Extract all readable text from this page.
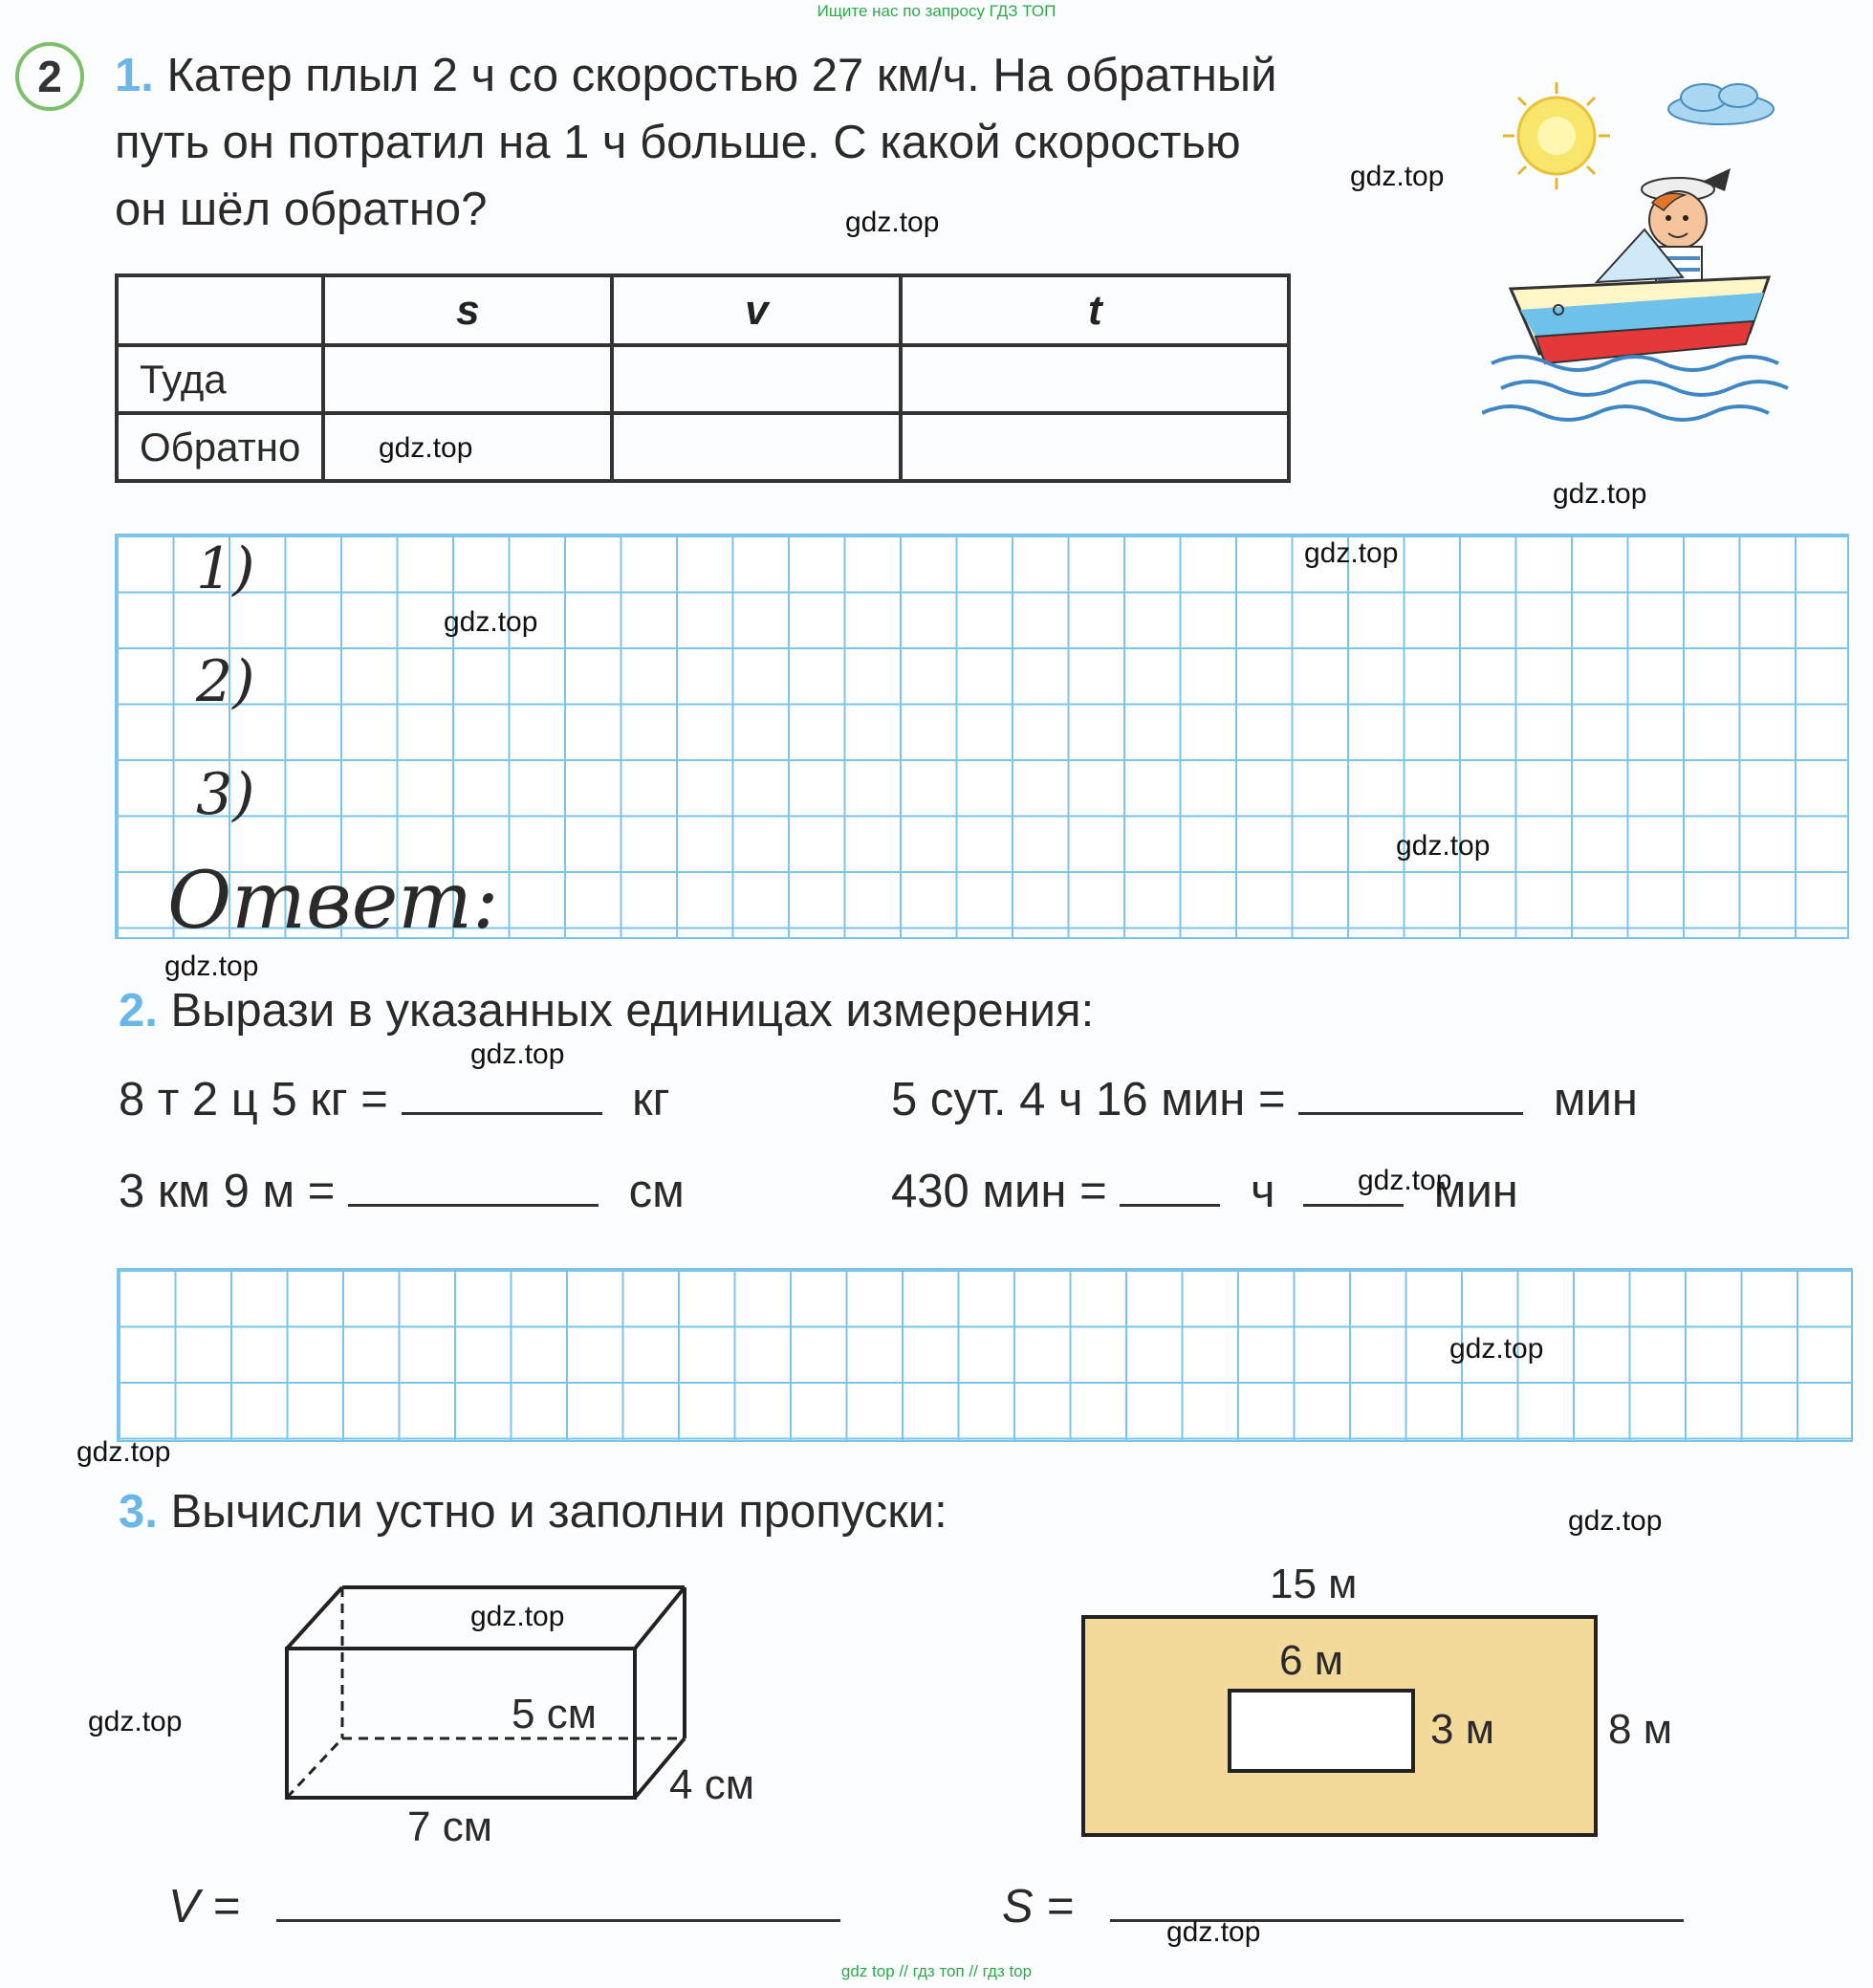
Ищите нас по запросу ГДЗ ТОП
2	1. Катер плыл 2 ч со скоростью 27 км/ч. На обратный
путь он потратил на 1 ч больше. С какой скоростью
он шёл обратно?
	s	v	t
Туда			
Обратно			
1)
2)
3)
Ответ:
2. Вырази в указанных единицах измерения:
8 т 2 ц 5 кг =	кг	5 сут. 4 ч 16 мин =	мин
3 км 9 м =	см	430 мин =	ч	мин
3. Вычисли устно и заполни пропуски:
5 см
4 см
7 см
15 м
6 м
3 м	8 м
V =	S =
gdz.top
gdz.top
gdz.top
gdz.top
gdz.top
gdz.top
gdz.top
gdz.top
gdz.top
gdz.top
gdz.top
gdz.top
gdz.top
gdz.top
gdz.top
gdz.top
gdz top // гдз топ // гдз top
